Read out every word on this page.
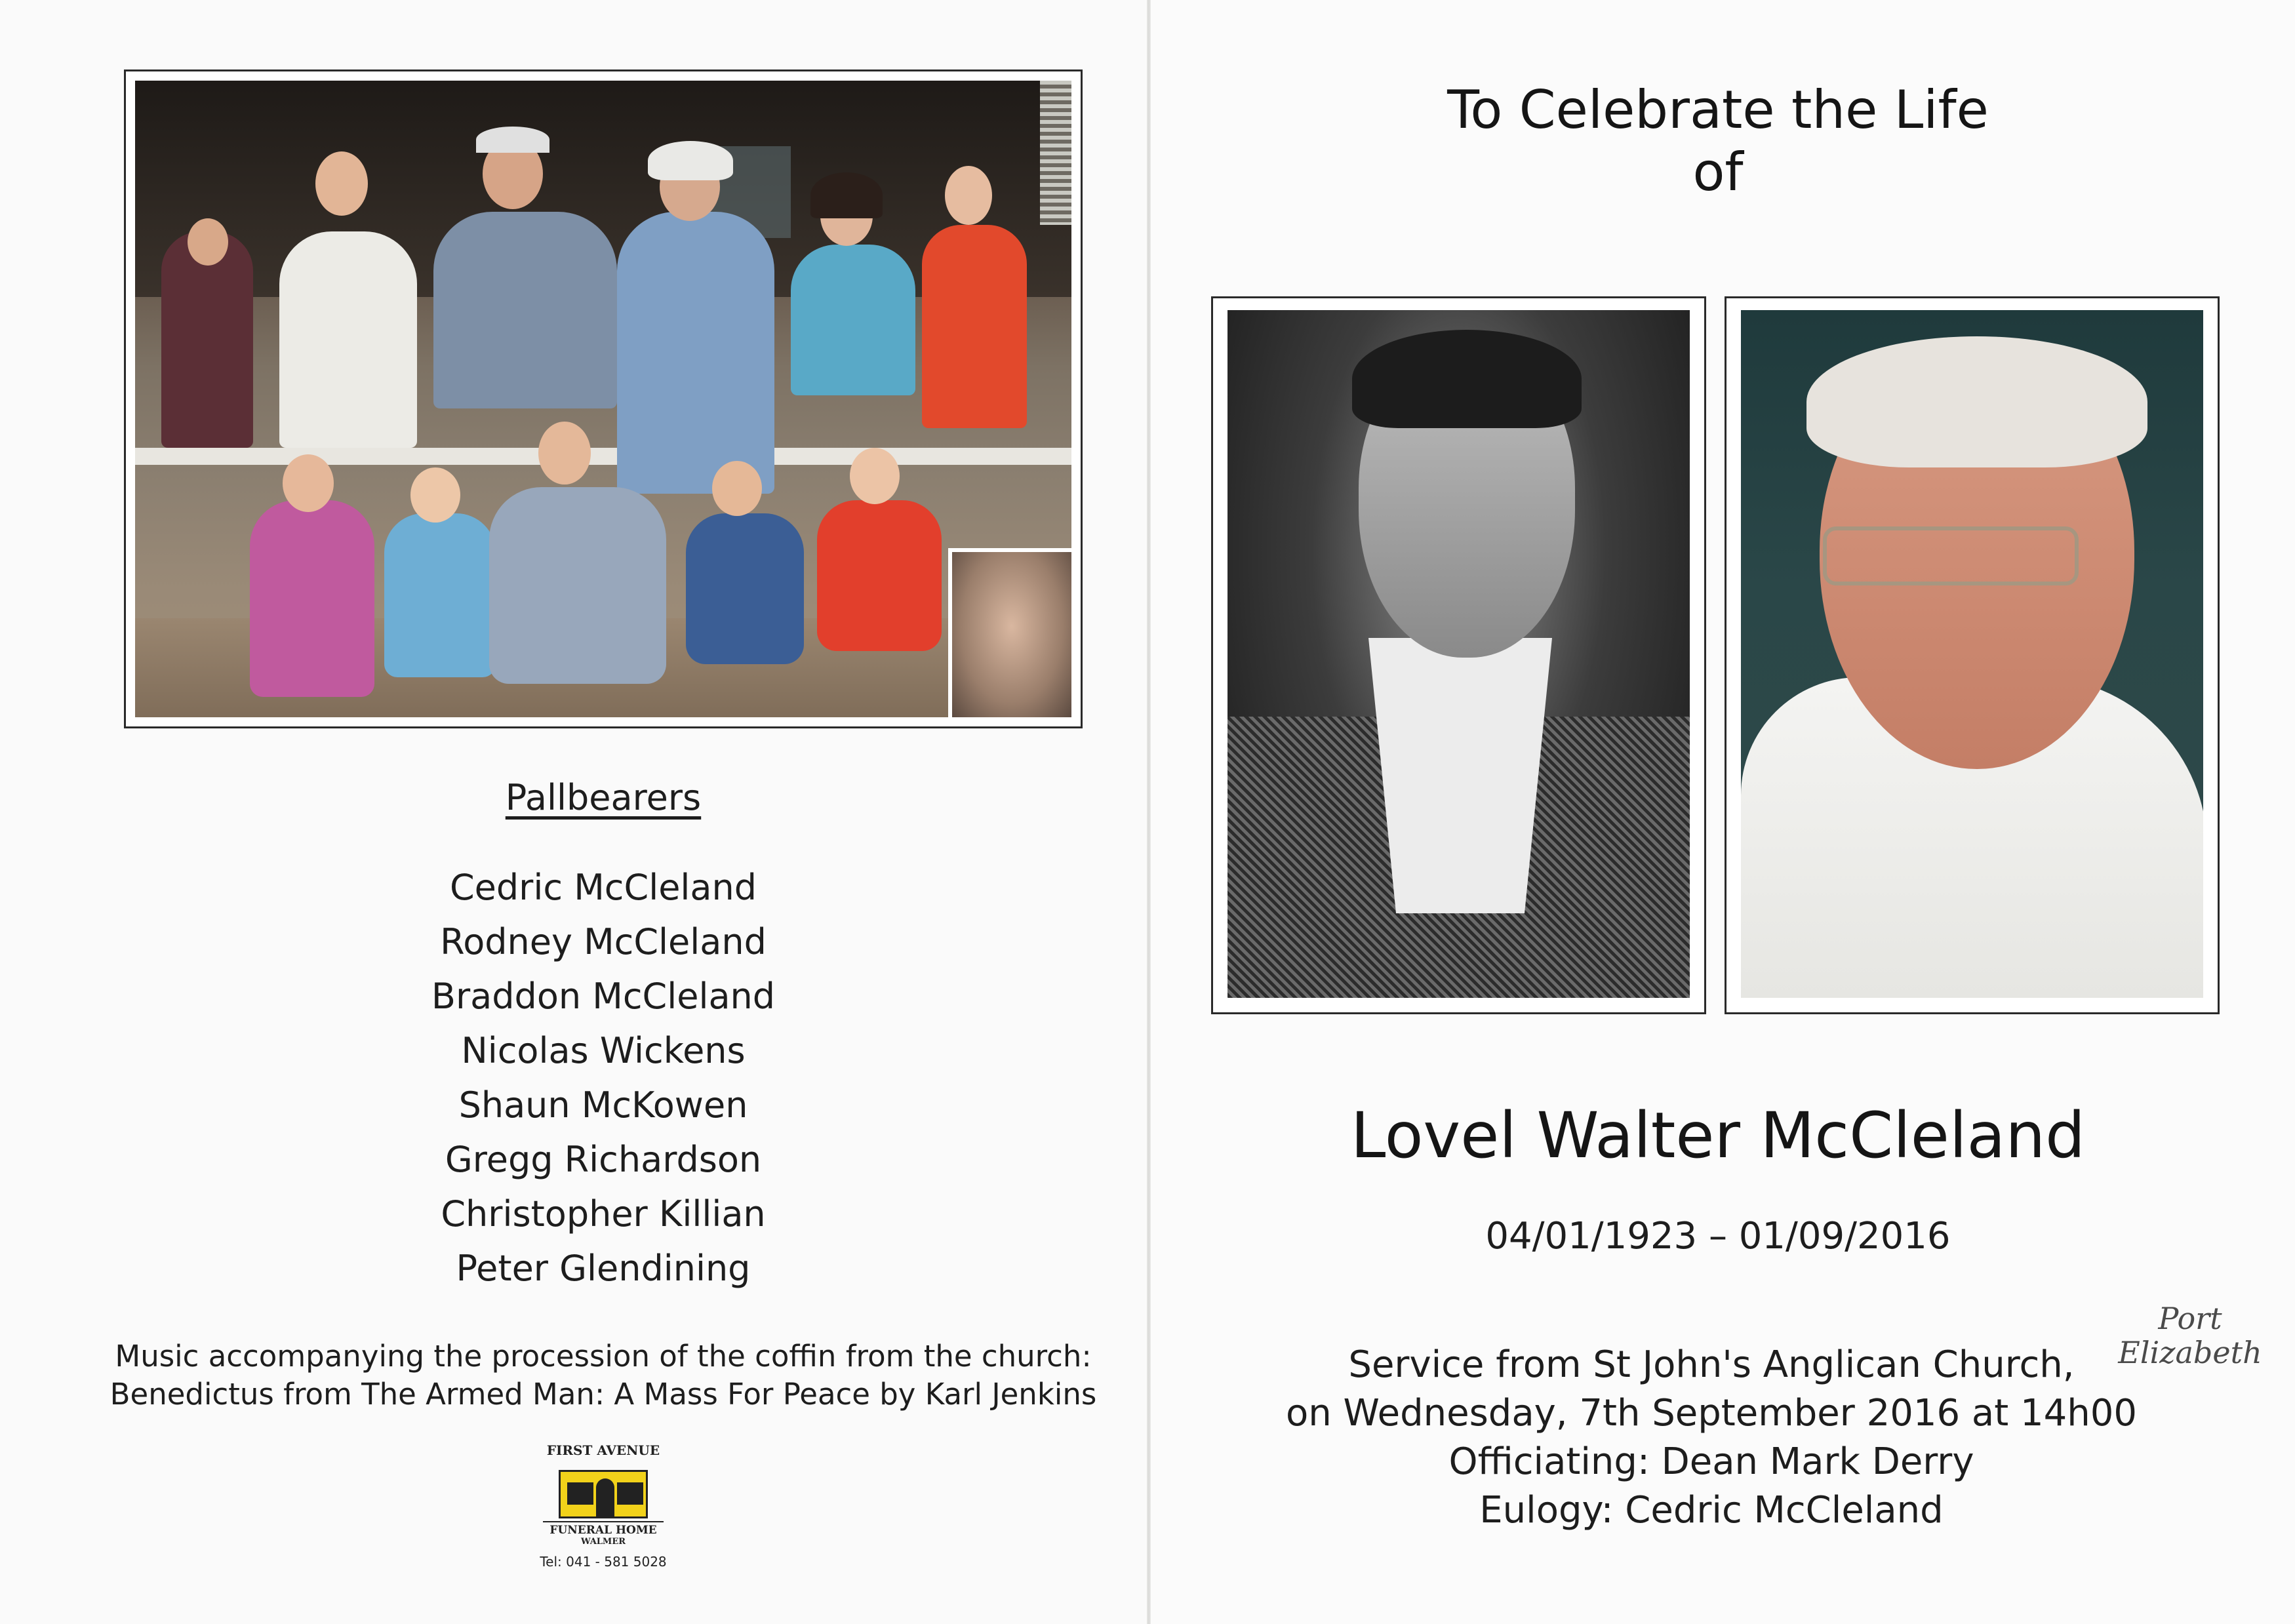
To Celebrate the Life
of
Lovel Walter McCleland
04/01/1923 – 01/09/2016
Service from St John's Anglican Church,
on Wednesday, 7th September 2016 at 14h00
Officiating: Dean Mark Derry
Eulogy: Cedric McCleland
Port
Elizabeth
Pallbearers
Cedric McCleland
Rodney McCleland
Braddon McCleland
Nicolas Wickens
Shaun McKowen
Gregg Richardson
Christopher Killian
Peter Glendining
Music accompanying the procession of the coffin from the church:
Benedictus from The Armed Man: A Mass For Peace by Karl Jenkins
FIRST AVENUE
FUNERAL HOME
WALMER
Tel: 041 - 581 5028
